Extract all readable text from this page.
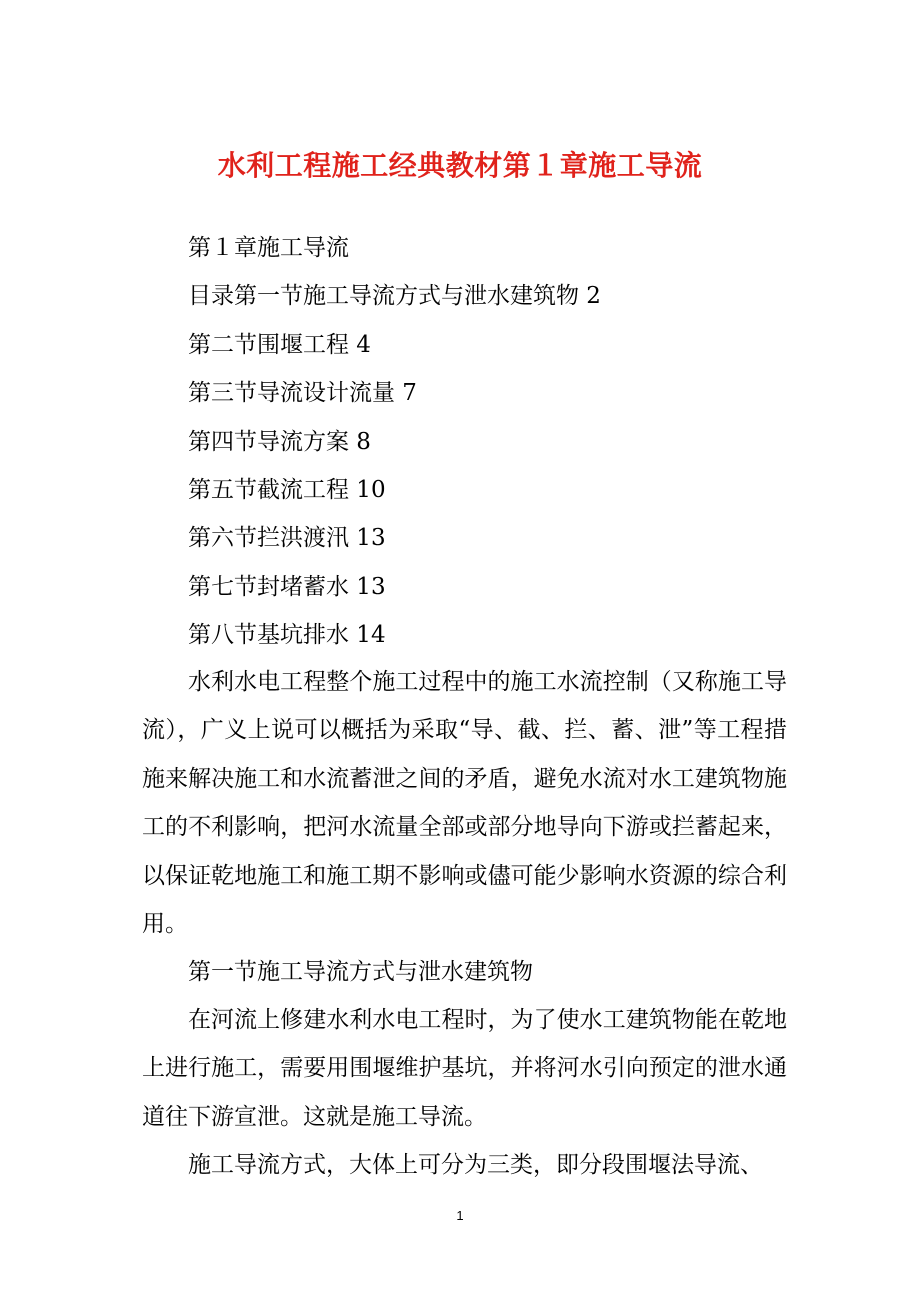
水利工程施工经典教材第１章施工导流
第１章施工导流
目录第一节施工导流方式与泄水建筑物 2
第二节围堰工程 4
第三节导流设计流量 7
第四节导流方案 8
第五节截流工程 10
第六节拦洪渡汛 13
第七节封堵蓄水 13
第八节基坑排水 14

水利水电工程整个施工过程中的施工水流控制（又称施工导流），广义上说可以概括为采取“导、截、拦、蓄、泄”等工程措施来解决施工和水流蓄泄之间的矛盾，避免水流对水工建筑物施工的不利影响，把河水流量全部或部分地导向下游或拦蓄起来，以保证乾地施工和施工期不影响或儘可能少影响水资源的综合利用。

第一节施工导流方式与泄水建筑物

在河流上修建水利水电工程时，为了使水工建筑物能在乾地上进行施工，需要用围堰维护基坑，并将河水引向预定的泄水通道往下游宣泄。这就是施工导流。

施工导流方式，大体上可分为三类，即分段围堰法导流、

1
